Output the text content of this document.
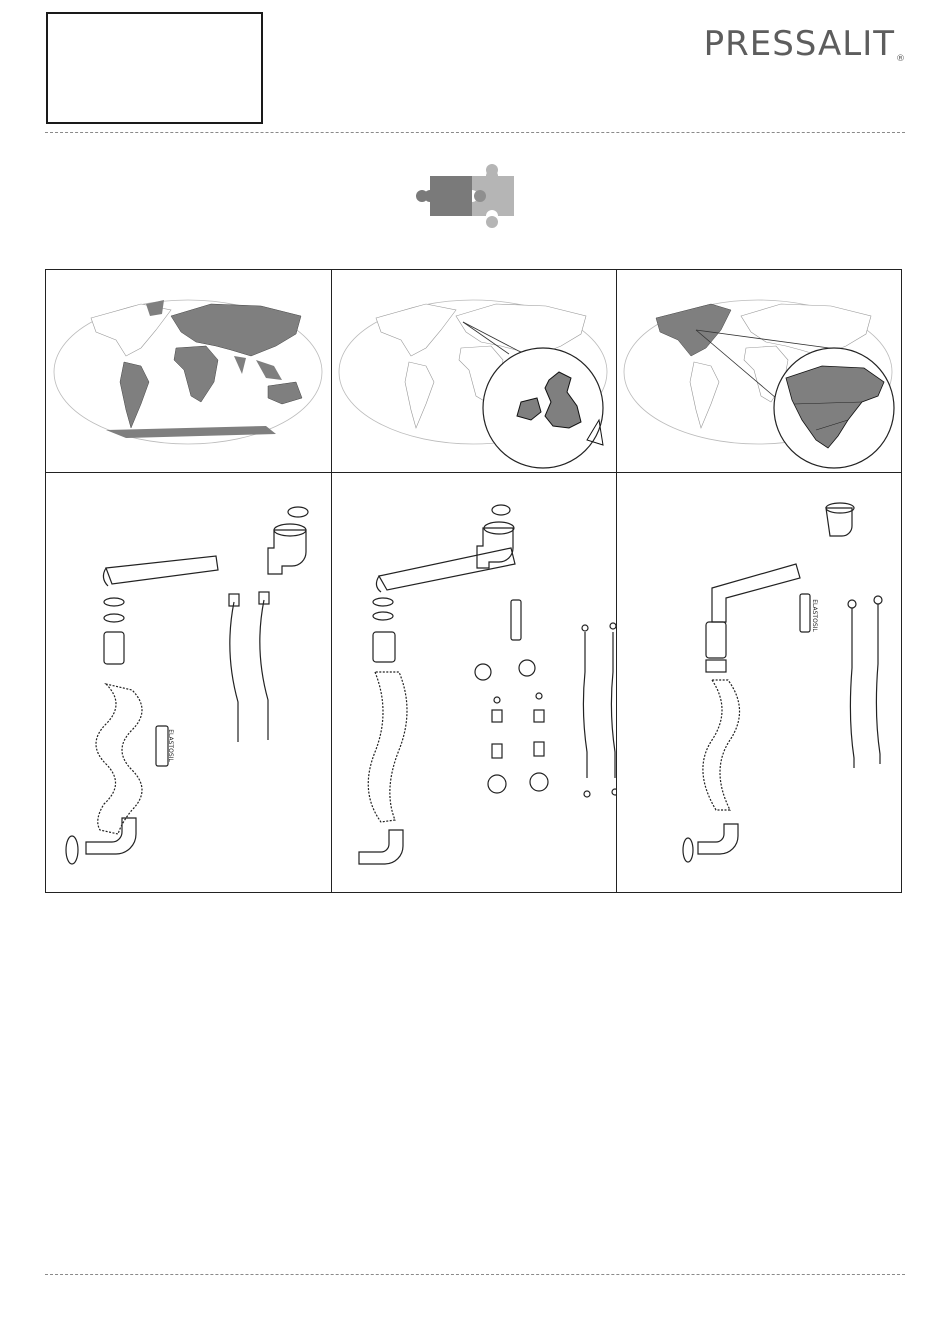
PRESSALIT®
ELASTOSIL
ELASTOSIL
